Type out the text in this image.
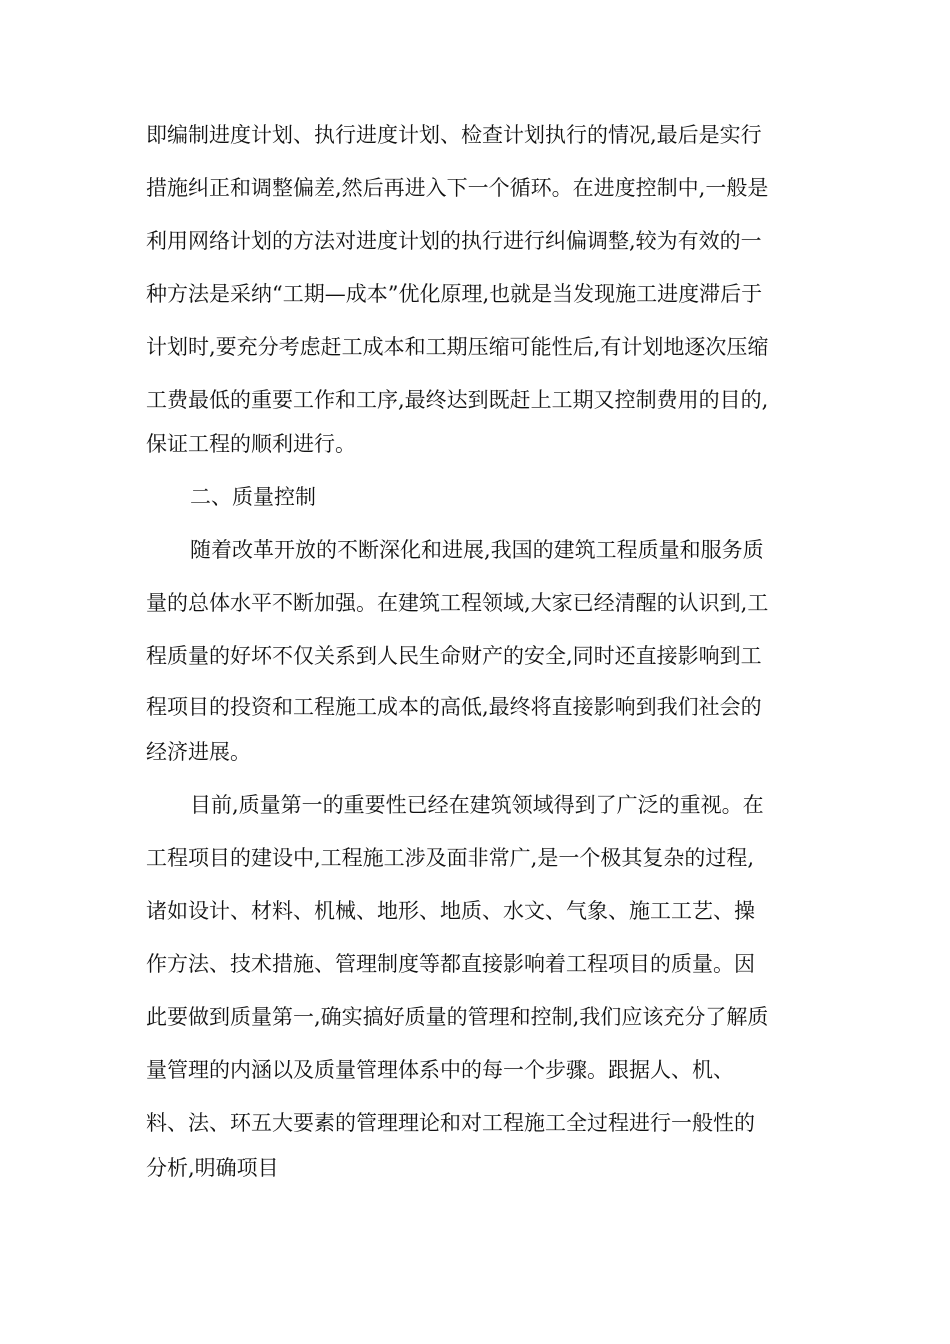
即编制进度计划、执行进度计划、检查计划执行的情况,最后是实行

措施纠正和调整偏差,然后再进入下一个循环。在进度控制中,一般是

利用网络计划的方法对进度计划的执行进行纠偏调整,较为有效的一

种方法是采纳“工期—成本”优化原理,也就是当发现施工进度滞后于

计划时,要充分考虑赶工成本和工期压缩可能性后,有计划地逐次压缩

工费最低的重要工作和工序,最终达到既赶上工期又控制费用的目的,

保证工程的顺利进行。

二、质量控制

随着改革开放的不断深化和进展,我国的建筑工程质量和服务质

量的总体水平不断加强。在建筑工程领域,大家已经清醒的认识到,工

程质量的好坏不仅关系到人民生命财产的安全,同时还直接影响到工

程项目的投资和工程施工成本的高低,最终将直接影响到我们社会的

经济进展。

目前,质量第一的重要性已经在建筑领域得到了广泛的重视。在

工程项目的建设中,工程施工涉及面非常广,是一个极其复杂的过程,

诸如设计、材料、机械、地形、地质、水文、气象、施工工艺、操

作方法、技术措施、管理制度等都直接影响着工程项目的质量。因

此要做到质量第一,确实搞好质量的管理和控制,我们应该充分了解质

量管理的内涵以及质量管理体系中的每一个步骤。跟据人、机、

料、法、环五大要素的管理理论和对工程施工全过程进行一般性的

分析,明确项目
